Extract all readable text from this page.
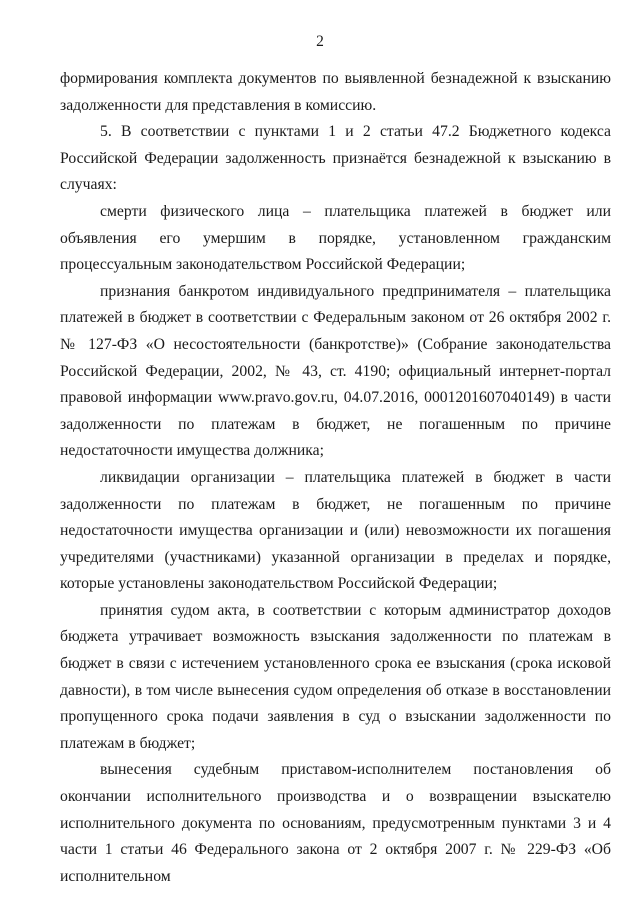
2

формирования комплекта документов по выявленной безнадежной к взысканию задолженности для представления в комиссию.

5. В соответствии с пунктами 1 и 2 статьи 47.2 Бюджетного кодекса Российской Федерации задолженность признаётся безнадежной к взысканию в случаях:

смерти физического лица – плательщика платежей в бюджет или объявления его умершим в порядке, установленном гражданским процессуальным законодательством Российской Федерации;

признания банкротом индивидуального предпринимателя – плательщика платежей в бюджет в соответствии с Федеральным законом от 26 октября 2002 г. № 127-ФЗ «О несостоятельности (банкротстве)» (Собрание законодательства Российской Федерации, 2002, № 43, ст. 4190; официальный интернет-портал правовой информации www.pravo.gov.ru, 04.07.2016, 0001201607040149) в части задолженности по платежам в бюджет, не погашенным по причине недостаточности имущества должника;

ликвидации организации – плательщика платежей в бюджет в части задолженности по платежам в бюджет, не погашенным по причине недостаточности имущества организации и (или) невозможности их погашения учредителями (участниками) указанной организации в пределах и порядке, которые установлены законодательством Российской Федерации;

принятия судом акта, в соответствии с которым администратор доходов бюджета утрачивает возможность взыскания задолженности по платежам в бюджет в связи с истечением установленного срока ее взыскания (срока исковой давности), в том числе вынесения судом определения об отказе в восстановлении пропущенного срока подачи заявления в суд о взыскании задолженности по платежам в бюджет;

вынесения судебным приставом-исполнителем постановления об окончании исполнительного производства и о возвращении взыскателю исполнительного документа по основаниям, предусмотренным пунктами 3 и 4 части 1 статьи 46 Федерального закона от 2 октября 2007 г. № 229-ФЗ «Об исполнительном
